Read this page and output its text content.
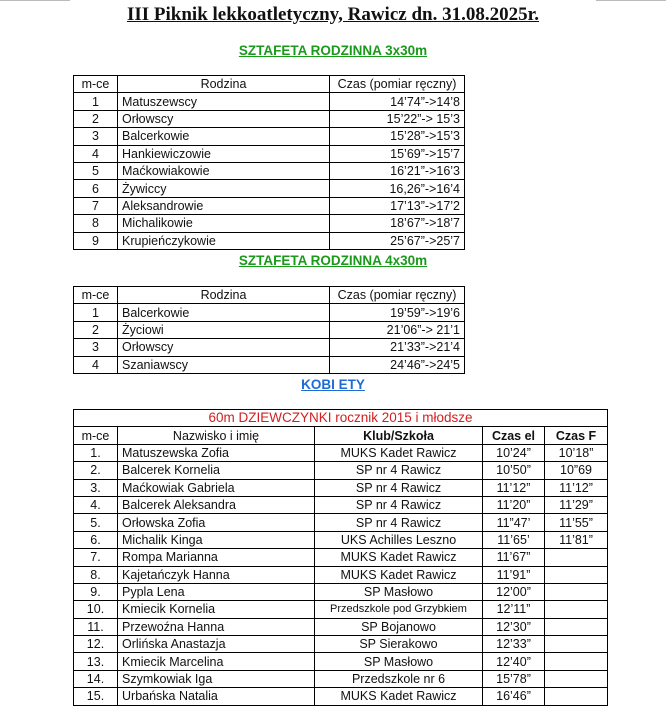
III Piknik lekkoatletyczny, Rawicz dn. 31.08.2025r.
SZTAFETA RODZINNA 3x30m
m-ce	Rodzina	Czas (pomiar ręczny)
1	Matuszewscy	14’74”->14’8
2	Orłowscy	15’22”-> 15’3
3	Balcerkowie	15’28”->15’3
4	Hankiewiczowie	15’69”->15’7
5	Maćkowiakowie	16’21”->16’3
6	Żywiccy	16,26”->16’4
7	Aleksandrowie	17’13”->17’2
8	Michalikowie	18’67”->18’7
9	Krupieńczykowie	25’67”->25’7
SZTAFETA RODZINNA 4x30m
m-ce	Rodzina	Czas (pomiar ręczny)
1	Balcerkowie	19’59”->19’6
2	Życiowi	21’06”-> 21’1
3	Orłowscy	21’33”->21’4
4	Szaniawscy	24’46”->24’5
KOBI ETY
60m DZIEWCZYNKI rocznik 2015 i młodsze				
m-ce	Nazwisko i imię	Klub/Szkoła	Czas el	Czas F
1.	Matuszewska Zofia	MUKS Kadet Rawicz	10’24”	10’18”
2.	Balcerek Kornelia	SP nr 4 Rawicz	10’50”	10”69
3.	Maćkowiak Gabriela	SP nr 4 Rawicz	11’12”	11’12”
4.	Balcerek Aleksandra	SP nr 4 Rawicz	11’20”	11’29”
5.	Orłowska Zofia	SP nr 4 Rawicz	11”47’	11’55”
6.	Michalik Kinga	UKS Achilles Leszno	11’65’	11’81”
7.	Rompa Marianna	MUKS Kadet Rawicz	11’67”	
8.	Kajetańczyk Hanna	MUKS Kadet Rawicz	11’91”	
9.	Pypla Lena	SP Masłowo	12’00”	
10.	Kmiecik Kornelia	Przedszkole pod Grzybkiem	12’11”	
11.	Przewoźna Hanna	SP Bojanowo	12’30”	
12.	Orlińska Anastazja	SP Sierakowo	12’33”	
13.	Kmiecik Marcelina	SP Masłowo	12’40”	
14.	Szymkowiak Iga	Przedszkole nr 6	15’78”	
15.	Urbańska Natalia	MUKS Kadet Rawicz	16’46”	
